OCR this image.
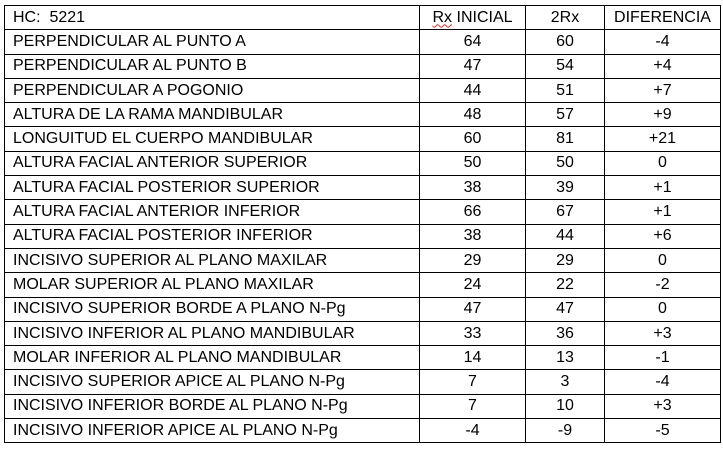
HC: 5221	Rx INICIAL	2Rx	DIFERENCIA
PERPENDICULAR AL PUNTO A	64	60	-4
PERPENDICULAR AL PUNTO B	47	54	+4
PERPENDICULAR A POGONIO	44	51	+7
ALTURA DE LA RAMA MANDIBULAR	48	57	+9
LONGUITUD EL CUERPO MANDIBULAR	60	81	+21
ALTURA FACIAL ANTERIOR SUPERIOR	50	50	0
ALTURA FACIAL POSTERIOR SUPERIOR	38	39	+1
ALTURA FACIAL ANTERIOR INFERIOR	66	67	+1
ALTURA FACIAL POSTERIOR INFERIOR	38	44	+6
INCISIVO SUPERIOR AL PLANO MAXILAR	29	29	0
MOLAR SUPERIOR AL PLANO MAXILAR	24	22	-2
INCISIVO SUPERIOR BORDE A PLANO N-Pg	47	47	0
INCISIVO INFERIOR AL PLANO MANDIBULAR	33	36	+3
MOLAR INFERIOR AL PLANO MANDIBULAR	14	13	-1
INCISIVO SUPERIOR APICE AL PLANO N-Pg	7	3	-4
INCISIVO INFERIOR BORDE AL PLANO N-Pg	7	10	+3
INCISIVO INFERIOR APICE AL PLANO N-Pg	-4	-9	-5
